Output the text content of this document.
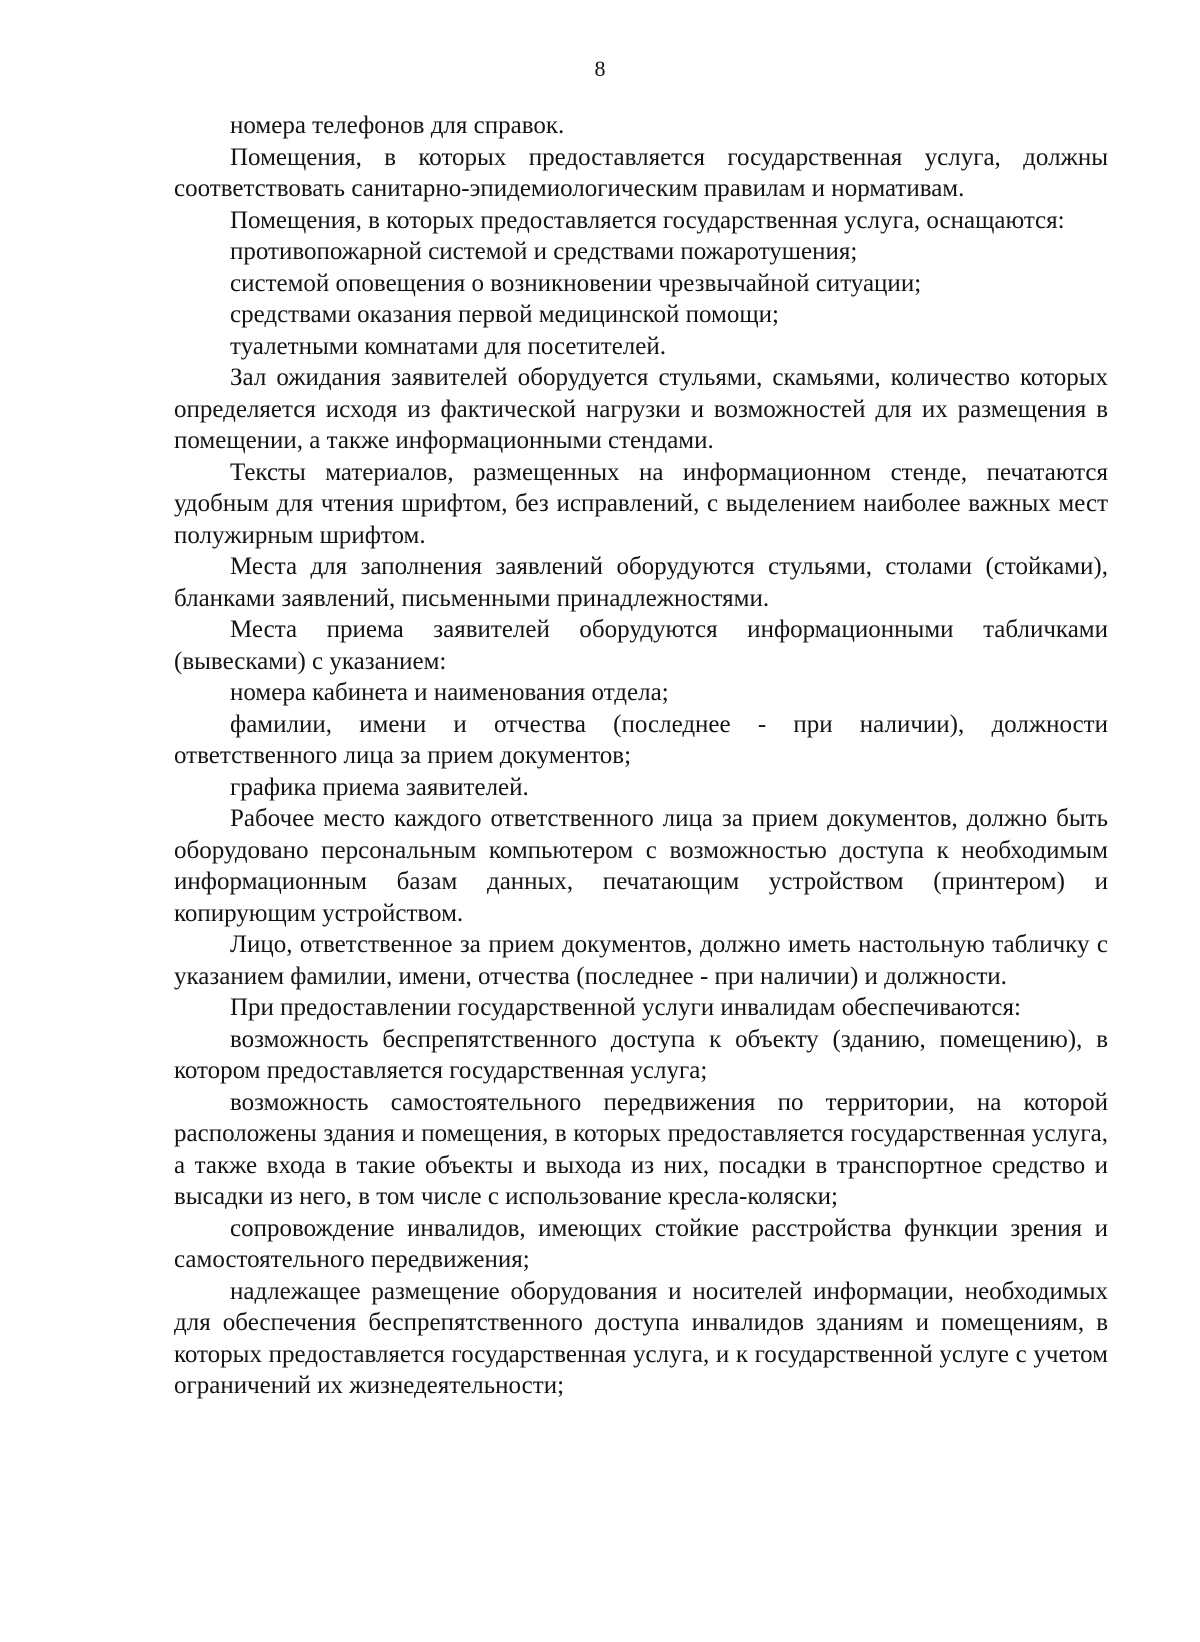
8

номера телефонов для справок.

Помещения, в которых предоставляется государственная услуга, должны соответствовать санитарно-эпидемиологическим правилам и нормативам.

Помещения, в которых предоставляется государственная услуга, оснащаются:

противопожарной системой и средствами пожаротушения;

системой оповещения о возникновении чрезвычайной ситуации;

средствами оказания первой медицинской помощи;

туалетными комнатами для посетителей.

Зал ожидания заявителей оборудуется стульями, скамьями, количество которых определяется исходя из фактической нагрузки и возможностей для их размещения в помещении, а также информационными стендами.

Тексты материалов, размещенных на информационном стенде, печатаются удобным для чтения шрифтом, без исправлений, с выделением наиболее важных мест полужирным шрифтом.

Места для заполнения заявлений оборудуются стульями, столами (стойками), бланками заявлений, письменными принадлежностями.

Места приема заявителей оборудуются информационными табличками (вывесками) с указанием:

номера кабинета и наименования отдела;

фамилии, имени и отчества (последнее - при наличии), должности ответственного лица за прием документов;

графика приема заявителей.

Рабочее место каждого ответственного лица за прием документов, должно быть оборудовано персональным компьютером с возможностью доступа к необходимым информационным базам данных, печатающим устройством (принтером) и копирующим устройством.

Лицо, ответственное за прием документов, должно иметь настольную табличку с указанием фамилии, имени, отчества (последнее - при наличии) и должности.

При предоставлении государственной услуги инвалидам обеспечиваются:

возможность беспрепятственного доступа к объекту (зданию, помещению), в котором предоставляется государственная услуга;

возможность самостоятельного передвижения по территории, на которой расположены здания и помещения, в которых предоставляется государственная услуга, а также входа в такие объекты и выхода из них, посадки в транспортное средство и высадки из него, в том числе с использование кресла-коляски;

сопровождение инвалидов, имеющих стойкие расстройства функции зрения и самостоятельного передвижения;

надлежащее размещение оборудования и носителей информации, необходимых для обеспечения беспрепятственного доступа инвалидов зданиям и помещениям, в которых предоставляется государственная услуга, и к государственной услуге с учетом ограничений их жизнедеятельности;
